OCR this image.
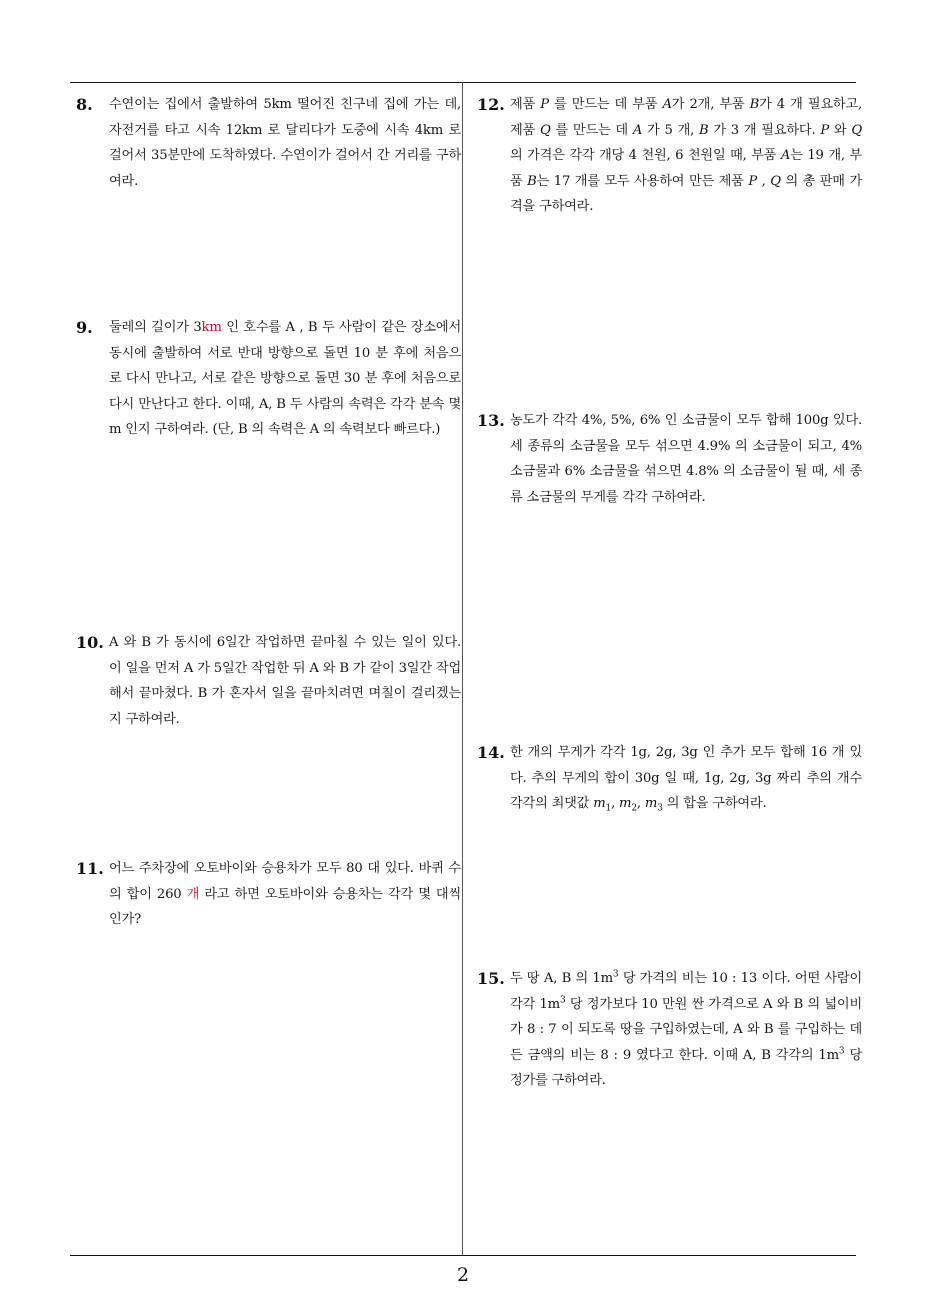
8. 수연이는 집에서 출발하여 5km 떨어진 친구네 집에 가는 데, 자전거를 타고 시속 12km 로 달리다가 도중에 시속 4km 로 걸어서 35분만에 도착하였다. 수연이가 걸어서 간 거리를 구하여라.

9. 둘레의 길이가 3km 인 호수를 A , B 두 사람이 같은 장소에서 동시에 출발하여 서로 반대 방향으로 돌면 10 분 후에 처음으로 다시 만나고, 서로 같은 방향으로 돌면 30 분 후에 처음으로 다시 만난다고 한다. 이때, A, B 두 사람의 속력은 각각 분속 몇 m 인지 구하여라. (단, B 의 속력은 A 의 속력보다 빠르다.)

10. A 와 B 가 동시에 6일간 작업하면 끝마칠 수 있는 일이 있다. 이 일을 먼저 A 가 5일간 작업한 뒤 A 와 B 가 같이 3일간 작업해서 끝마쳤다. B 가 혼자서 일을 끝마치려면 며칠이 걸리겠는지 구하여라.

11. 어느 주차장에 오토바이와 승용차가 모두 80 대 있다. 바퀴 수의 합이 260 개 라고 하면 오토바이와 승용차는 각각 몇 대씩인가?

12. 제품 P 를 만드는 데 부품 A가 2개, 부품 B가 4 개 필요하고, 제품 Q 를 만드는 데 A 가 5 개, B 가 3 개 필요하다. P 와 Q 의 가격은 각각 개당 4 천원, 6 천원일 때, 부품 A는 19 개, 부품 B는 17 개를 모두 사용하여 만든 제품 P , Q 의 총 판매 가격을 구하여라.

13. 농도가 각각 4%, 5%, 6% 인 소금물이 모두 합해 100g 있다. 세 종류의 소금물을 모두 섞으면 4.9% 의 소금물이 되고, 4% 소금물과 6% 소금물을 섞으면 4.8% 의 소금물이 될 때, 세 종류 소금물의 무게를 각각 구하여라.

14. 한 개의 무게가 각각 1g, 2g, 3g 인 추가 모두 합해 16 개 있다. 추의 무게의 합이 30g 일 때, 1g, 2g, 3g 짜리 추의 개수 각각의 최댓값 $m_1$, $m_2$, $m_3$ 의 합을 구하여라.

15. 두 땅 A, B 의 $1m^3$ 당 가격의 비는 10 : 13 이다. 어떤 사람이 각각 $1m^3$ 당 정가보다 10 만원 싼 가격으로 A 와 B 의 넓이비가 8 : 7 이 되도록 땅을 구입하였는데, A 와 B 를 구입하는 데 든 금액의 비는 8 : 9 였다고 한다. 이때 A, B 각각의 $1m^3$ 당 정가를 구하여라.

2
